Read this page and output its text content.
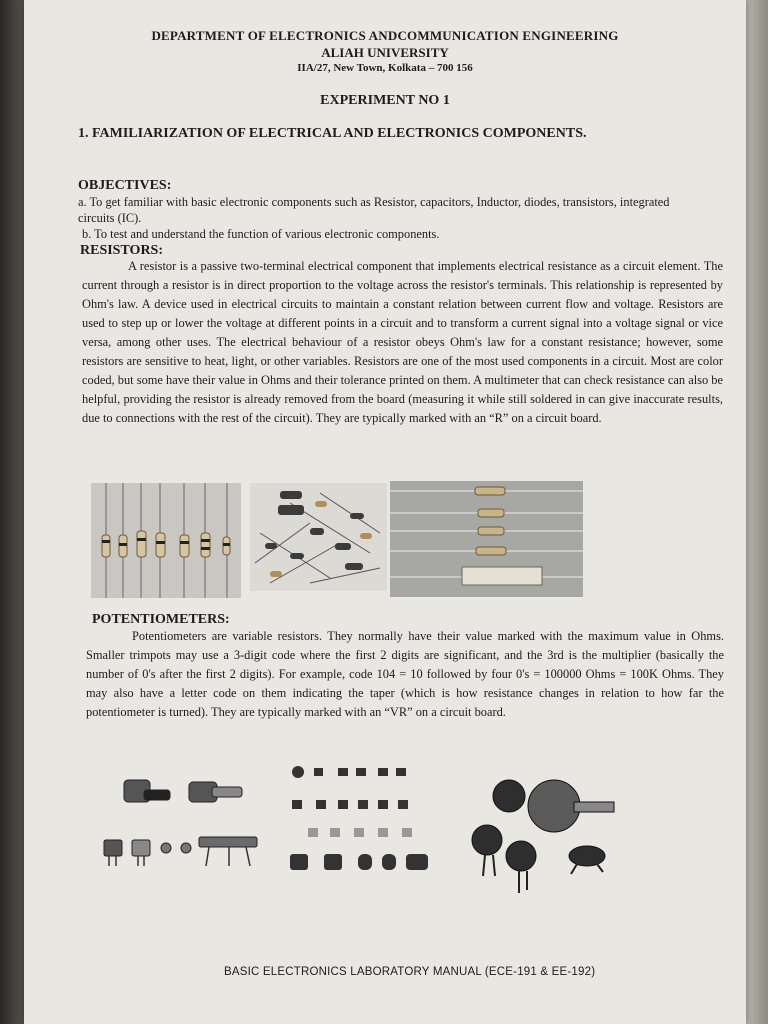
DEPARTMENT OF ELECTRONICS ANDCOMMUNICATION ENGINEERING
ALIAH UNIVERSITY
IIA/27, New Town, Kolkata – 700 156
EXPERIMENT NO 1
1. FAMILIARIZATION OF ELECTRICAL AND ELECTRONICS COMPONENTS.
OBJECTIVES:
a. To get familiar with basic electronic components such as Resistor, capacitors, Inductor, diodes, transistors, integrated circuits (IC).
b. To test and understand the function of various electronic components.
RESISTORS:

A resistor is a passive two-terminal electrical component that implements electrical resistance as a circuit element. The current through a resistor is in direct proportion to the voltage across the resistor's terminals. This relationship is represented by Ohm's law. A device used in electrical circuits to maintain a constant relation between current flow and voltage. Resistors are used to step up or lower the voltage at different points in a circuit and to transform a current signal into a voltage signal or vice versa, among other uses. The electrical behaviour of a resistor obeys Ohm's law for a constant resistance; however, some resistors are sensitive to heat, light, or other variables. Resistors are one of the most used components in a circuit. Most are color coded, but some have their value in Ohms and their tolerance printed on them. A multimeter that can check resistance can also be helpful, providing the resistor is already removed from the board (measuring it while still soldered in can give inaccurate results, due to connections with the rest of the circuit). They are typically marked with an “R” on a circuit board.

POTENTIOMETERS:

Potentiometers are variable resistors. They normally have their value marked with the maximum value in Ohms. Smaller trimpots may use a 3-digit code where the first 2 digits are significant, and the 3rd is the multiplier (basically the number of 0's after the first 2 digits). For example, code 104 = 10 followed by four 0's = 100000 Ohms = 100K Ohms. They may also have a letter code on them indicating the taper (which is how resistance changes in relation to how far the potentiometer is turned). They are typically marked with an “VR” on a circuit board.

BASIC ELECTRONICS LABORATORY MANUAL (ECE-191 & EE-192)
